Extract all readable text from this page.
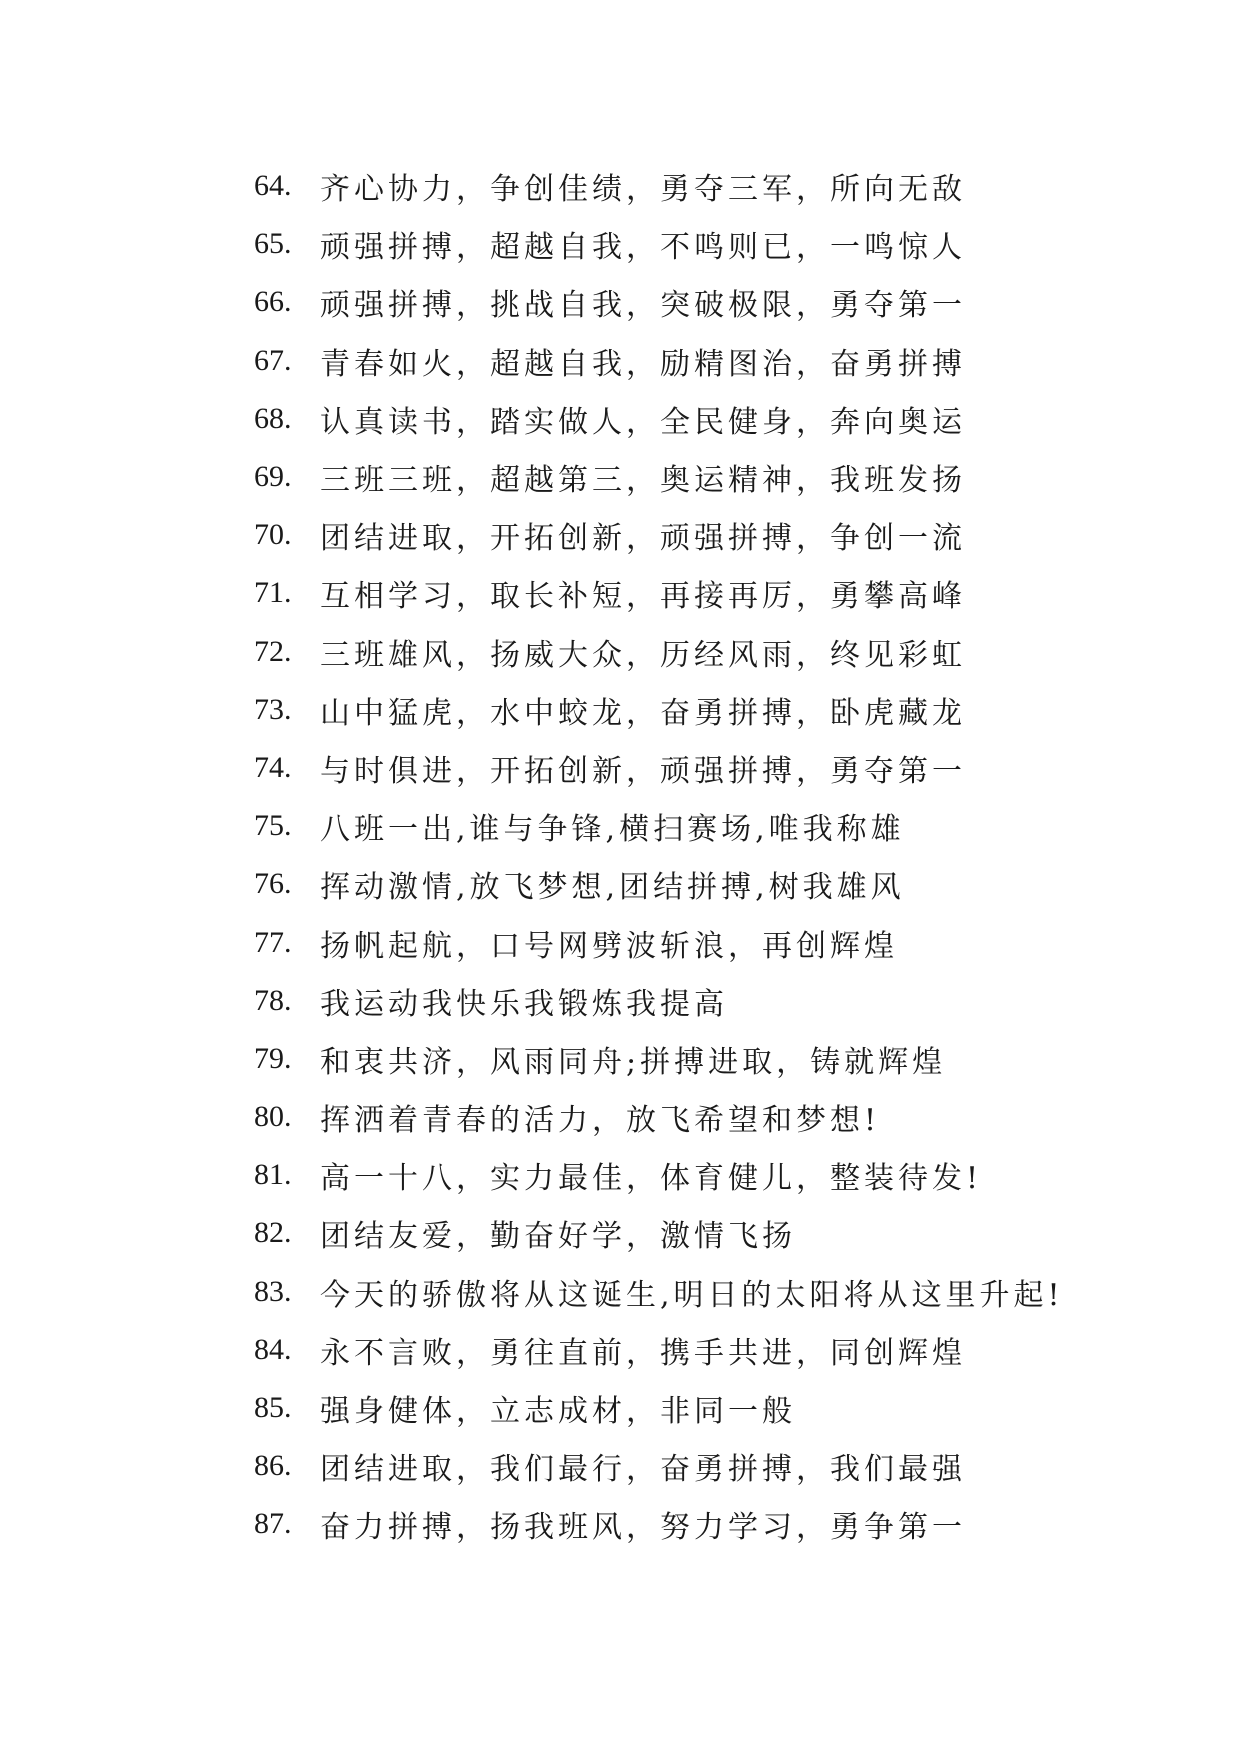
64. 齐心协力，争创佳绩，勇夺三军，所向无敌
65. 顽强拼搏，超越自我，不鸣则已，一鸣惊人
66. 顽强拼搏，挑战自我，突破极限，勇夺第一
67. 青春如火，超越自我，励精图治，奋勇拼搏
68. 认真读书，踏实做人，全民健身，奔向奥运
69. 三班三班，超越第三，奥运精神，我班发扬
70. 团结进取，开拓创新，顽强拼搏，争创一流
71. 互相学习，取长补短，再接再厉，勇攀高峰
72. 三班雄风，扬威大众，历经风雨，终见彩虹
73. 山中猛虎，水中蛟龙，奋勇拼搏，卧虎藏龙
74. 与时俱进，开拓创新，顽强拼搏，勇夺第一
75. 八班一出,谁与争锋,横扫赛场,唯我称雄
76. 挥动激情,放飞梦想,团结拼搏,树我雄风
77. 扬帆起航，口号网劈波斩浪，再创辉煌
78. 我运动我快乐我锻炼我提高
79. 和衷共济，风雨同舟;拼搏进取，铸就辉煌
80. 挥洒着青春的活力，放飞希望和梦想!
81. 高一十八，实力最佳，体育健儿，整装待发!
82. 团结友爱，勤奋好学，激情飞扬
83. 今天的骄傲将从这诞生,明日的太阳将从这里升起!
84. 永不言败，勇往直前，携手共进，同创辉煌
85. 强身健体，立志成材，非同一般
86. 团结进取，我们最行，奋勇拼搏，我们最强
87. 奋力拼搏，扬我班风，努力学习，勇争第一
